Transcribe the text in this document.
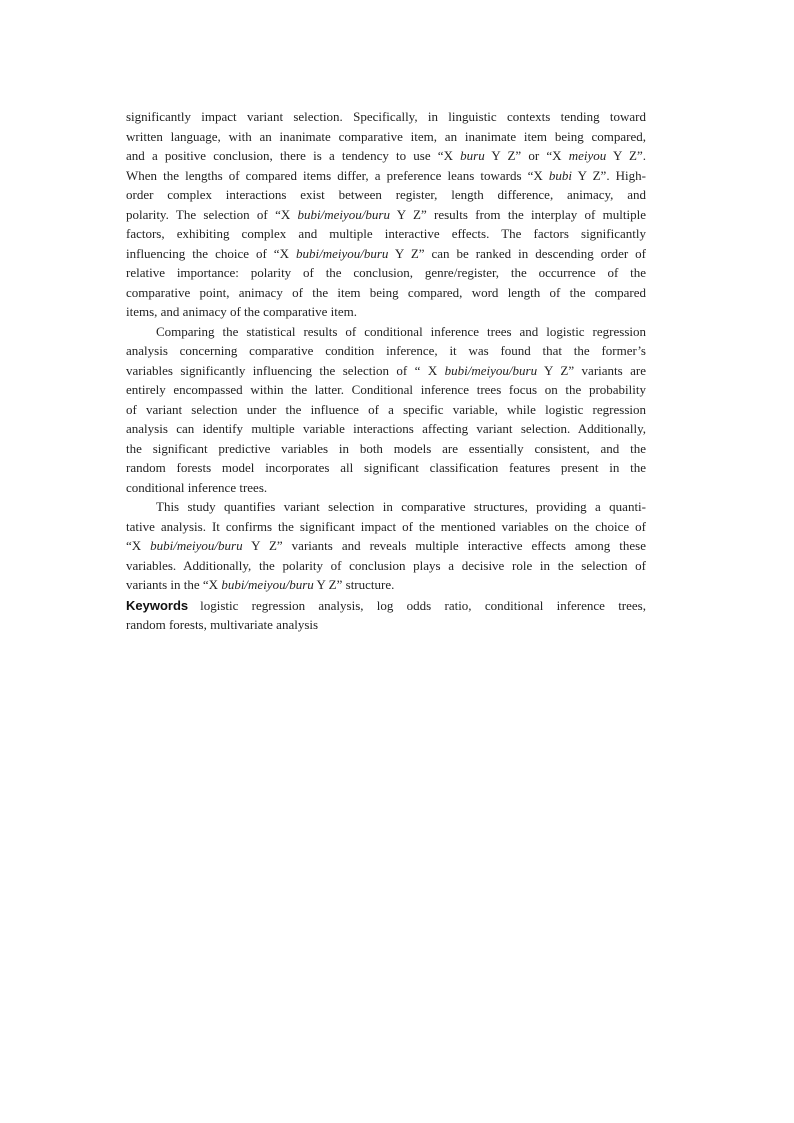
significantly impact variant selection. Specifically, in linguistic contexts tending toward
written language, with an inanimate comparative item, an inanimate item being compared,
and a positive conclusion, there is a tendency to use “X buru Y Z” or “X meiyou Y Z”.
When the lengths of compared items differ, a preference leans towards “X bubi Y Z”. High-
order complex interactions exist between register, length difference, animacy, and
polarity. The selection of “X bubi/meiyou/buru Y Z” results from the interplay of multiple
factors, exhibiting complex and multiple interactive effects. The factors significantly
influencing the choice of “X bubi/meiyou/buru Y Z” can be ranked in descending order of
relative importance: polarity of the conclusion, genre/register, the occurrence of the
comparative point, animacy of the item being compared, word length of the compared
items, and animacy of the comparative item.
Comparing the statistical results of conditional inference trees and logistic regression
analysis concerning comparative condition inference, it was found that the former’s
variables significantly influencing the selection of “ X bubi/meiyou/buru Y Z” variants are
entirely encompassed within the latter. Conditional inference trees focus on the probability
of variant selection under the influence of a specific variable, while logistic regression
analysis can identify multiple variable interactions affecting variant selection. Additionally,
the significant predictive variables in both models are essentially consistent, and the
random forests model incorporates all significant classification features present in the
conditional inference trees.
This study quantifies variant selection in comparative structures, providing a quanti-
tative analysis. It confirms the significant impact of the mentioned variables on the choice of
“X bubi/meiyou/buru Y Z” variants and reveals multiple interactive effects among these
variables. Additionally, the polarity of conclusion plays a decisive role in the selection of
variants in the “X bubi/meiyou/buru Y Z” structure.
Keywords logistic regression analysis, log odds ratio, conditional inference trees,
random forests, multivariate analysis
